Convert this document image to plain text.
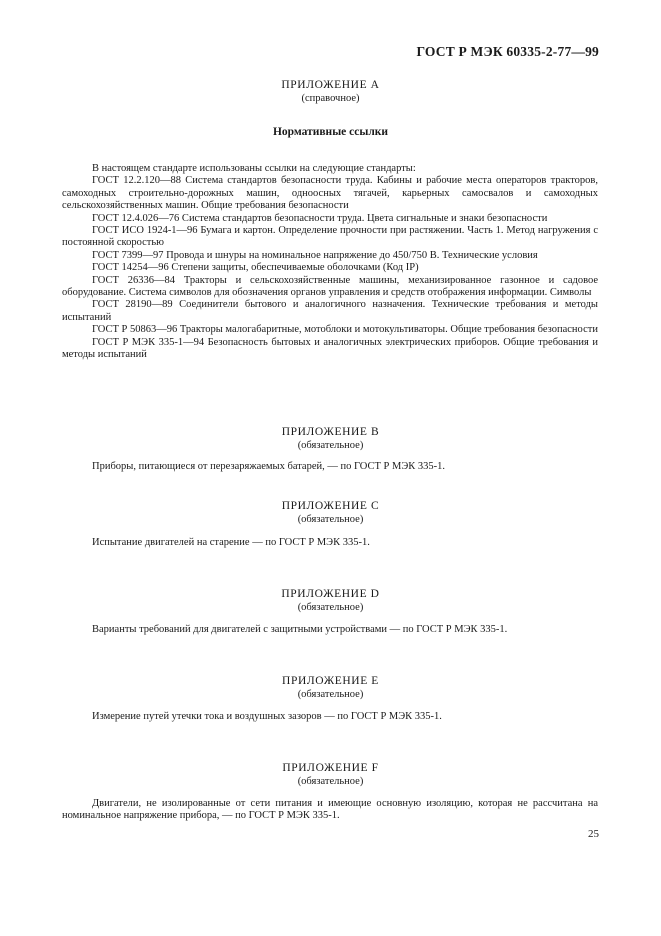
ГОСТ Р МЭК 60335-2-77—99
ПРИЛОЖЕНИЕ А
(справочное)
Нормативные ссылки

В настоящем стандарте использованы ссылки на следующие стандарты:

ГОСТ 12.2.120—88 Система стандартов безопасности труда. Кабины и рабочие места операторов тракторов, самоходных строительно-дорожных машин, одноосных тягачей, карьерных самосвалов и самоходных сельскохозяйственных машин. Общие требования безопасности

ГОСТ 12.4.026—76 Система стандартов безопасности труда. Цвета сигнальные и знаки безопасности

ГОСТ ИСО 1924-1—96 Бумага и картон. Определение прочности при растяжении. Часть 1. Метод нагружения с постоянной скоростью

ГОСТ 7399—97 Провода и шнуры на номинальное напряжение до 450/750 В. Технические условия

ГОСТ 14254—96 Степени защиты, обеспечиваемые оболочками (Код IP)

ГОСТ 26336—84 Тракторы и сельскохозяйственные машины, механизированное газонное и садовое оборудование. Система символов для обозначения органов управления и средств отображения информации. Символы

ГОСТ 28190—89 Соединители бытового и аналогичного назначения. Технические требования и методы испытаний

ГОСТ Р 50863—96 Тракторы малогабаритные, мотоблоки и мотокультиваторы. Общие требования безопасности

ГОСТ Р МЭК 335-1—94 Безопасность бытовых и аналогичных электрических приборов. Общие требования и методы испытаний

ПРИЛОЖЕНИЕ В
(обязательное)

Приборы, питающиеся от перезаряжаемых батарей, — по ГОСТ Р МЭК 335-1.

ПРИЛОЖЕНИЕ С
(обязательное)

Испытание двигателей на старение — по ГОСТ Р МЭК 335-1.

ПРИЛОЖЕНИЕ D
(обязательное)

Варианты требований для двигателей с защитными устройствами — по ГОСТ Р МЭК 335-1.

ПРИЛОЖЕНИЕ Е
(обязательное)

Измерение путей утечки тока и воздушных зазоров — по ГОСТ Р МЭК 335-1.

ПРИЛОЖЕНИЕ F
(обязательное)

Двигатели, не изолированные от сети питания и имеющие основную изоляцию, которая не рассчитана на номинальное напряжение прибора, — по ГОСТ Р МЭК 335-1.

25
